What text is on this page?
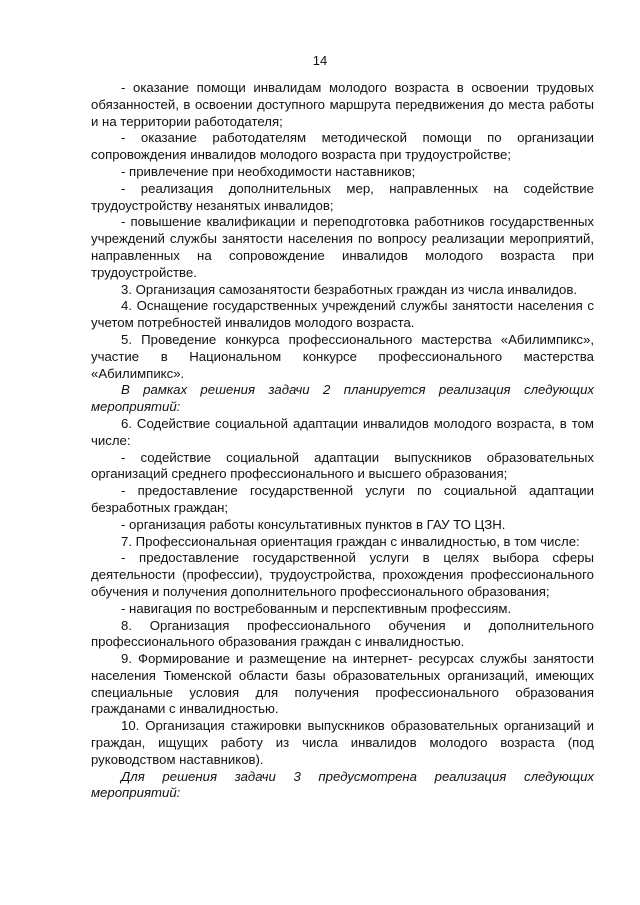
14

- оказание помощи инвалидам молодого возраста в освоении трудовых обязанностей, в освоении доступного маршрута передвижения до места работы и на территории работодателя;

- оказание работодателям методической помощи по организации сопровождения инвалидов молодого возраста при трудоустройстве;

- привлечение при необходимости наставников;

- реализация дополнительных мер, направленных на содействие трудоустройству незанятых инвалидов;

- повышение квалификации и переподготовка работников государственных учреждений службы занятости населения по вопросу реализации мероприятий, направленных на сопровождение инвалидов молодого возраста при трудоустройстве.

3. Организация самозанятости безработных граждан из числа инвалидов.

4. Оснащение государственных учреждений службы занятости населения с учетом потребностей инвалидов молодого возраста.

5. Проведение конкурса профессионального мастерства «Абилимпикс», участие в Национальном конкурсе профессионального мастерства «Абилимпикс».

В рамках решения задачи 2 планируется реализация следующих мероприятий:

6. Содействие социальной адаптации инвалидов молодого возраста, в том числе:

- содействие социальной адаптации выпускников образовательных организаций среднего профессионального и высшего образования;

- предоставление государственной услуги по социальной адаптации безработных граждан;

- организация работы консультативных пунктов в ГАУ ТО ЦЗН.

7. Профессиональная ориентация граждан с инвалидностью, в том числе:

- предоставление государственной услуги в целях выбора сферы деятельности (профессии), трудоустройства, прохождения профессионального обучения и получения дополнительного профессионального образования;

- навигация по востребованным и перспективным профессиям.

8. Организация профессионального обучения и дополнительного профессионального образования граждан с инвалидностью.

9. Формирование и размещение на интернет- ресурсах службы занятости населения Тюменской области базы образовательных организаций, имеющих специальные условия для получения профессионального образования гражданами с инвалидностью.

10. Организация стажировки выпускников образовательных организаций и граждан, ищущих работу из числа инвалидов молодого возраста (под руководством наставников).

Для решения задачи 3 предусмотрена реализация следующих мероприятий:
